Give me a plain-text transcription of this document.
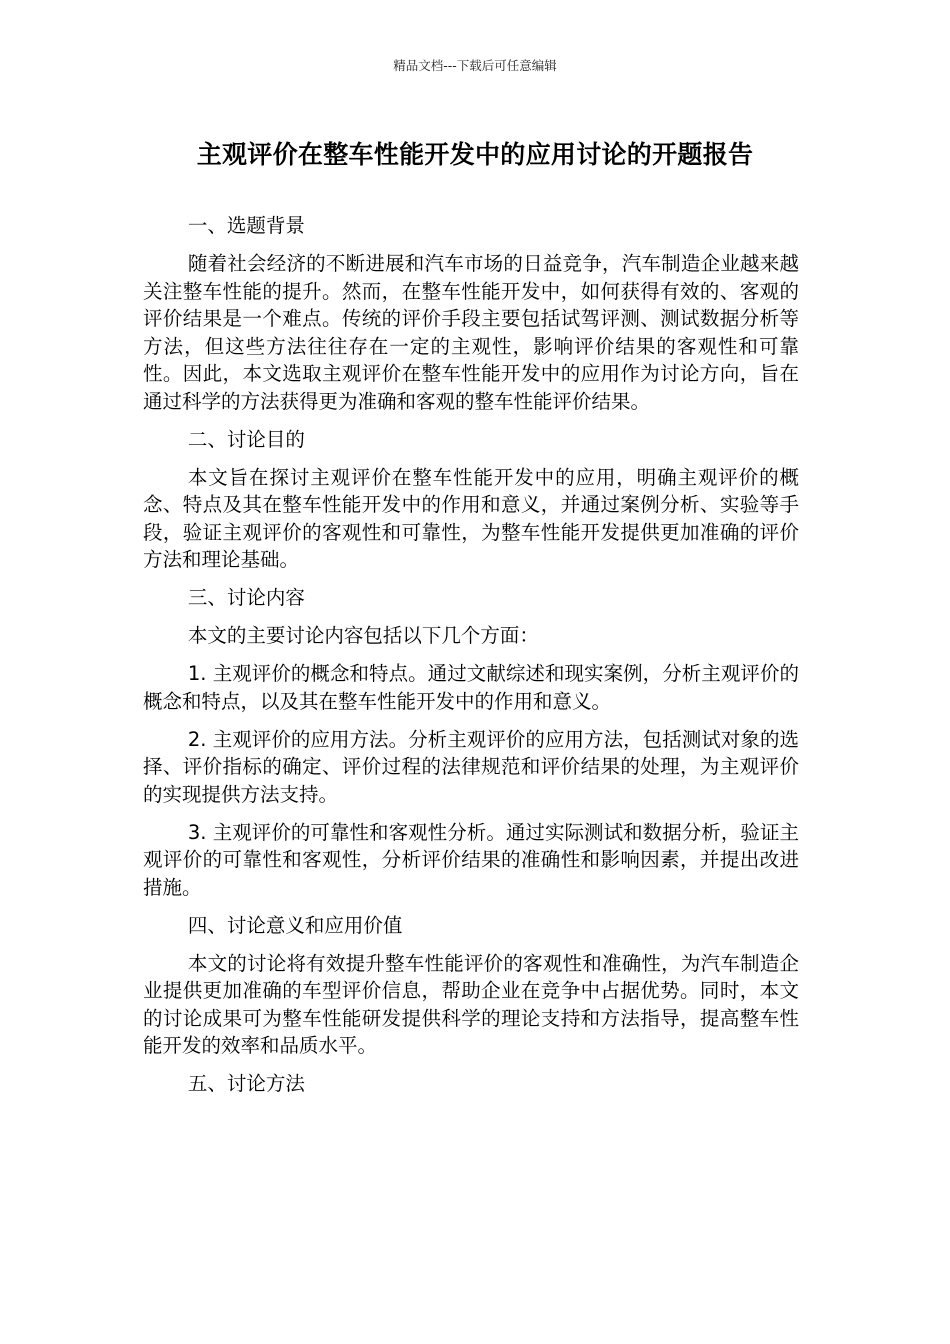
精品文档---下载后可任意编辑
主观评价在整车性能开发中的应用讨论的开题报告

一、选题背景

随着社会经济的不断进展和汽车市场的日益竞争，汽车制造企业越来越关注整车性能的提升。然而，在整车性能开发中，如何获得有效的、客观的评价结果是一个难点。传统的评价手段主要包括试驾评测、测试数据分析等方法，但这些方法往往存在一定的主观性，影响评价结果的客观性和可靠性。因此，本文选取主观评价在整车性能开发中的应用作为讨论方向，旨在通过科学的方法获得更为准确和客观的整车性能评价结果。

二、讨论目的

本文旨在探讨主观评价在整车性能开发中的应用，明确主观评价的概念、特点及其在整车性能开发中的作用和意义，并通过案例分析、实验等手段，验证主观评价的客观性和可靠性，为整车性能开发提供更加准确的评价方法和理论基础。

三、讨论内容

本文的主要讨论内容包括以下几个方面：

1. 主观评价的概念和特点。通过文献综述和现实案例，分析主观评价的概念和特点，以及其在整车性能开发中的作用和意义。

2. 主观评价的应用方法。分析主观评价的应用方法，包括测试对象的选择、评价指标的确定、评价过程的法律规范和评价结果的处理，为主观评价的实现提供方法支持。

3. 主观评价的可靠性和客观性分析。通过实际测试和数据分析，验证主观评价的可靠性和客观性，分析评价结果的准确性和影响因素，并提出改进措施。

四、讨论意义和应用价值

本文的讨论将有效提升整车性能评价的客观性和准确性，为汽车制造企业提供更加准确的车型评价信息，帮助企业在竞争中占据优势。同时，本文的讨论成果可为整车性能研发提供科学的理论支持和方法指导，提高整车性能开发的效率和品质水平。

五、讨论方法
